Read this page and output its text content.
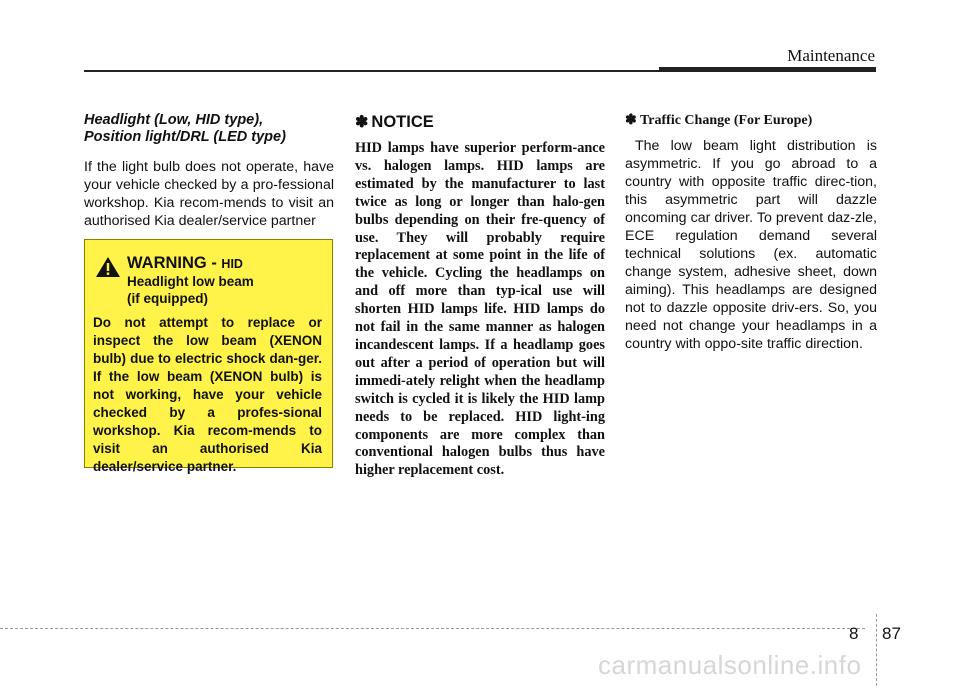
Maintenance

Headlight (Low, HID type),
Position light/DRL (LED type)

If the light bulb does not operate, have your vehicle checked by a pro-fessional workshop. Kia recom-mends to visit an authorised Kia dealer/service partner

WARNING - HID
Headlight low beam
(if equipped)
Do not attempt to replace or inspect the low beam (XENON bulb) due to electric shock dan-ger. If the low beam (XENON bulb) is not working, have your vehicle checked by a profes-sional workshop. Kia recom-mends to visit an authorised Kia dealer/service partner.
✽ NOTICE

HID lamps have superior perform-ance vs. halogen lamps. HID lamps are estimated by the manufacturer to last twice as long or longer than halo-gen bulbs depending on their fre-quency of use. They will probably require replacement at some point in the life of the vehicle. Cycling the headlamps on and off more than typ-ical use will shorten HID lamps life. HID lamps do not fail in the same manner as halogen incandescent lamps. If a headlamp goes out after a period of operation but will immedi-ately relight when the headlamp switch is cycled it is likely the HID lamp needs to be replaced. HID light-ing components are more complex than conventional halogen bulbs thus have higher replacement cost.

✽ Traffic Change (For Europe)

The low beam light distribution is asymmetric. If you go abroad to a country with opposite traffic direc-tion, this asymmetric part will dazzle oncoming car driver. To prevent daz-zle, ECE regulation demand several technical solutions (ex. automatic change system, adhesive sheet, down aiming). This headlamps are designed not to dazzle opposite driv-ers. So, you need not change your headlamps in a country with oppo-site traffic direction.

8 87
carmanualsonline.info
